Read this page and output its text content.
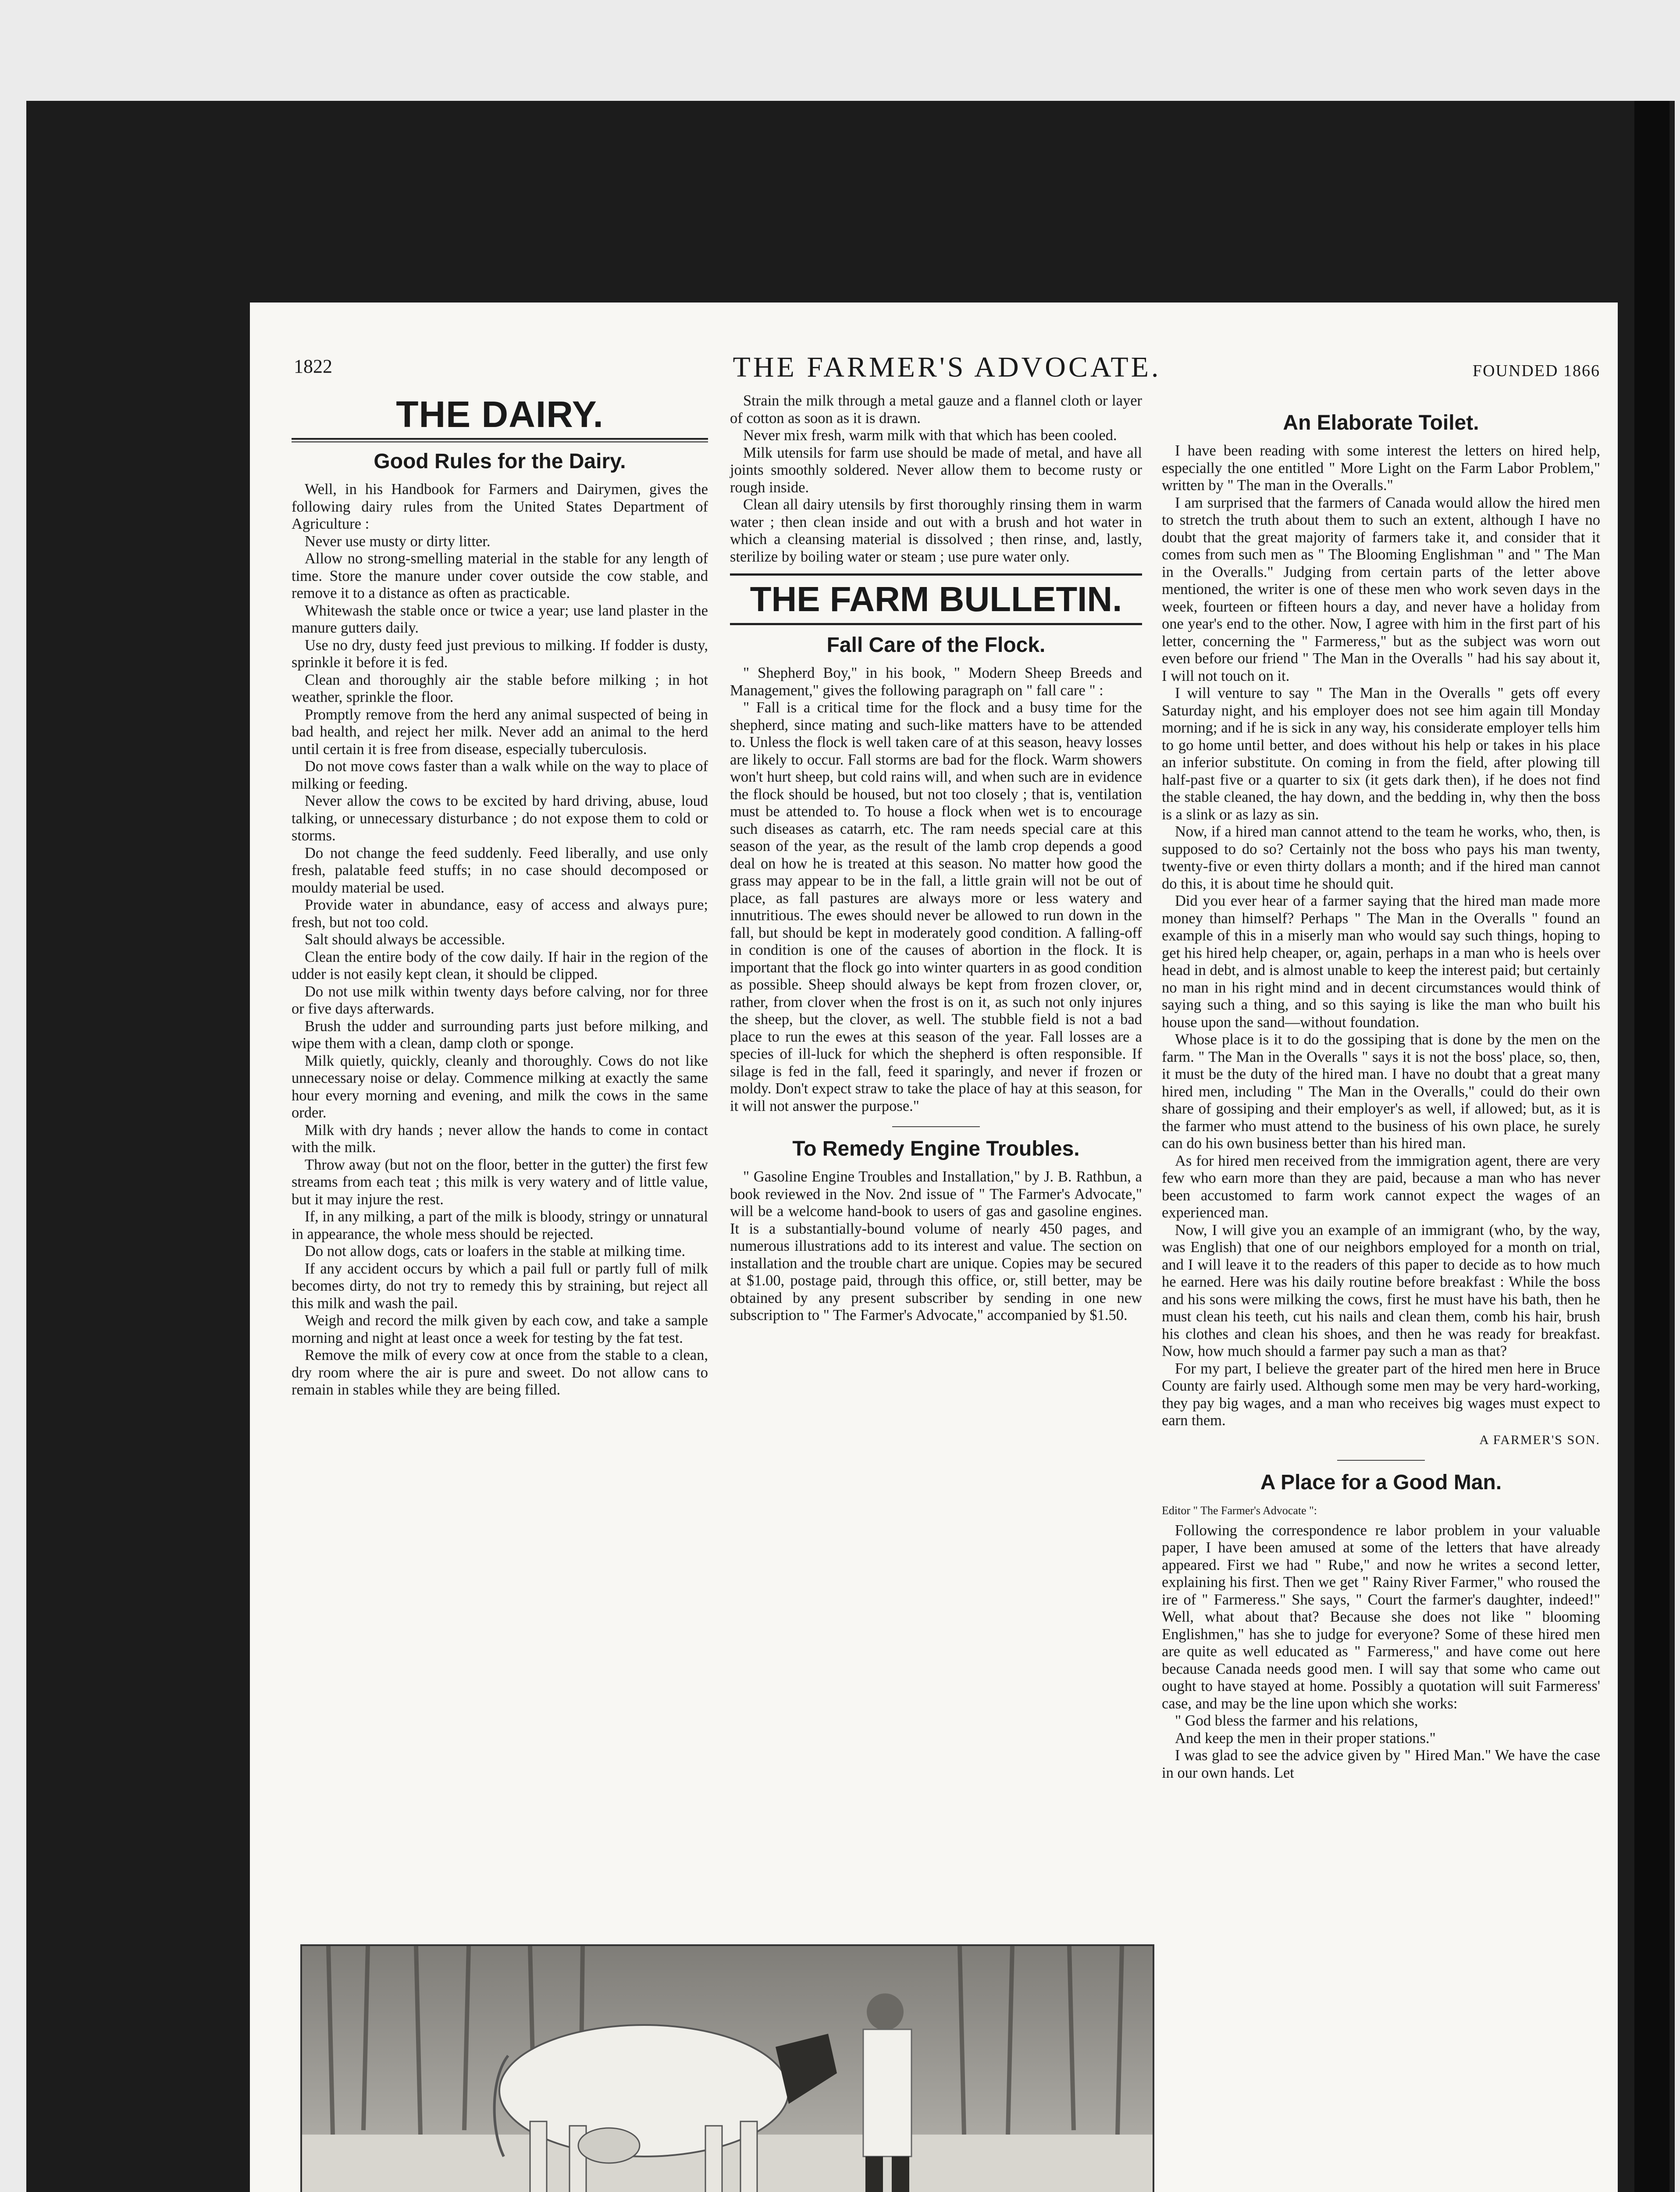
1822	THE FARMER'S ADVOCATE.	FOUNDED 1866
THE DAIRY.
Good Rules for the Dairy.

Well, in his Handbook for Farmers and Dairymen, gives the following dairy rules from the United States Department of Agriculture :

Never use musty or dirty litter.

Allow no strong-smelling material in the stable for any length of time. Store the manure under cover outside the cow stable, and remove it to a distance as often as practicable.

Whitewash the stable once or twice a year; use land plaster in the manure gutters daily.

Use no dry, dusty feed just previous to milking. If fodder is dusty, sprinkle it before it is fed.

Clean and thoroughly air the stable before milking ; in hot weather, sprinkle the floor.

Promptly remove from the herd any animal suspected of being in bad health, and reject her milk. Never add an animal to the herd until certain it is free from disease, especially tuberculosis.

Do not move cows faster than a walk while on the way to place of milking or feeding.

Never allow the cows to be excited by hard driving, abuse, loud talking, or unnecessary disturbance ; do not expose them to cold or storms.

Do not change the feed suddenly. Feed liberally, and use only fresh, palatable feed stuffs; in no case should decomposed or mouldy material be used.

Provide water in abundance, easy of access and always pure; fresh, but not too cold.

Salt should always be accessible.

Clean the entire body of the cow daily. If hair in the region of the udder is not easily kept clean, it should be clipped.

Do not use milk within twenty days before calving, nor for three or five days afterwards.

Brush the udder and surrounding parts just before milking, and wipe them with a clean, damp cloth or sponge.

Milk quietly, quickly, cleanly and thoroughly. Cows do not like unnecessary noise or delay. Commence milking at exactly the same hour every morning and evening, and milk the cows in the same order.

Milk with dry hands ; never allow the hands to come in contact with the milk.

Throw away (but not on the floor, better in the gutter) the first few streams from each teat ; this milk is very watery and of little value, but it may injure the rest.

If, in any milking, a part of the milk is bloody, stringy or unnatural in appearance, the whole mess should be rejected.

Do not allow dogs, cats or loafers in the stable at milking time.

If any accident occurs by which a pail full or partly full of milk becomes dirty, do not try to remedy this by straining, but reject all this milk and wash the pail.

Weigh and record the milk given by each cow, and take a sample morning and night at least once a week for testing by the fat test.

Remove the milk of every cow at once from the stable to a clean, dry room where the air is pure and sweet. Do not allow cans to remain in stables while they are being filled.

Strain the milk through a metal gauze and a flannel cloth or layer of cotton as soon as it is drawn.

Never mix fresh, warm milk with that which has been cooled.

Milk utensils for farm use should be made of metal, and have all joints smoothly soldered. Never allow them to become rusty or rough inside.

Clean all dairy utensils by first thoroughly rinsing them in warm water ; then clean inside and out with a brush and hot water in which a cleansing material is dissolved ; then rinse, and, lastly, sterilize by boiling water or steam ; use pure water only.

THE FARM BULLETIN.
Fall Care of the Flock.

" Shepherd Boy," in his book, " Modern Sheep Breeds and Management," gives the following paragraph on " fall care " :

" Fall is a critical time for the flock and a busy time for the shepherd, since mating and such-like matters have to be attended to. Unless the flock is well taken care of at this season, heavy losses are likely to occur. Fall storms are bad for the flock. Warm showers won't hurt sheep, but cold rains will, and when such are in evidence the flock should be housed, but not too closely ; that is, ventilation must be attended to. To house a flock when wet is to encourage such diseases as catarrh, etc. The ram needs special care at this season of the year, as the result of the lamb crop depends a good deal on how he is treated at this season. No matter how good the grass may appear to be in the fall, a little grain will not be out of place, as fall pastures are always more or less watery and innutritious. The ewes should never be allowed to run down in the fall, but should be kept in moderately good condition. A falling-off in condition is one of the causes of abortion in the flock. It is important that the flock go into winter quarters in as good condition as possible. Sheep should always be kept from frozen clover, or, rather, from clover when the frost is on it, as such not only injures the sheep, but the clover, as well. The stubble field is not a bad place to run the ewes at this season of the year. Fall losses are a species of ill-luck for which the shepherd is often responsible. If silage is fed in the fall, feed it sparingly, and never if frozen or moldy. Don't expect straw to take the place of hay at this season, for it will not answer the purpose."

To Remedy Engine Troubles.

" Gasoline Engine Troubles and Installation," by J. B. Rathbun, a book reviewed in the Nov. 2nd issue of " The Farmer's Advocate," will be a welcome hand-book to users of gas and gasoline engines. It is a substantially-bound volume of nearly 450 pages, and numerous illustrations add to its interest and value. The section on installation and the trouble chart are unique. Copies may be secured at $1.00, postage paid, through this office, or, still better, may be obtained by any present subscriber by sending in one new subscription to " The Farmer's Advocate," accompanied by $1.50.

An Elaborate Toilet.

I have been reading with some interest the letters on hired help, especially the one entitled " More Light on the Farm Labor Problem," written by " The man in the Overalls."

I am surprised that the farmers of Canada would allow the hired men to stretch the truth about them to such an extent, although I have no doubt that the great majority of farmers take it, and consider that it comes from such men as " The Blooming Englishman " and " The Man in the Overalls." Judging from certain parts of the letter above mentioned, the writer is one of these men who work seven days in the week, fourteen or fifteen hours a day, and never have a holiday from one year's end to the other. Now, I agree with him in the first part of his letter, concerning the " Farmeress," but as the subject was worn out even before our friend " The Man in the Overalls " had his say about it, I will not touch on it.

I will venture to say " The Man in the Overalls " gets off every Saturday night, and his employer does not see him again till Monday morning; and if he is sick in any way, his considerate employer tells him to go home until better, and does without his help or takes in his place an inferior substitute. On coming in from the field, after plowing till half-past five or a quarter to six (it gets dark then), if he does not find the stable cleaned, the hay down, and the bedding in, why then the boss is a slink or as lazy as sin.

Now, if a hired man cannot attend to the team he works, who, then, is supposed to do so? Certainly not the boss who pays his man twenty, twenty-five or even thirty dollars a month; and if the hired man cannot do this, it is about time he should quit.

Did you ever hear of a farmer saying that the hired man made more money than himself? Perhaps " The Man in the Overalls " found an example of this in a miserly man who would say such things, hoping to get his hired help cheaper, or, again, perhaps in a man who is heels over head in debt, and is almost unable to keep the interest paid; but certainly no man in his right mind and in decent circumstances would think of saying such a thing, and so this saying is like the man who built his house upon the sand—without foundation.

Whose place is it to do the gossiping that is done by the men on the farm. " The Man in the Overalls " says it is not the boss' place, so, then, it must be the duty of the hired man. I have no doubt that a great many hired men, including " The Man in the Overalls," could do their own share of gossiping and their employer's as well, if allowed; but, as it is the farmer who must attend to the business of his own place, he surely can do his own business better than his hired man.

As for hired men received from the immigration agent, there are very few who earn more than they are paid, because a man who has never been accustomed to farm work cannot expect the wages of an experienced man.

Now, I will give you an example of an immigrant (who, by the way, was English) that one of our neighbors employed for a month on trial, and I will leave it to the readers of this paper to decide as to how much he earned. Here was his daily routine before breakfast : While the boss and his sons were milking the cows, first he must have his bath, then he must clean his teeth, cut his nails and clean them, comb his hair, brush his clothes and clean his shoes, and then he was ready for breakfast. Now, how much should a farmer pay such a man as that?

For my part, I believe the greater part of the hired men here in Bruce County are fairly used. Although some men may be very hard-working, they pay big wages, and a man who receives big wages must expect to earn them.

A FARMER'S SON.

A Place for a Good Man.

Editor " The Farmer's Advocate ":

Following the correspondence re labor problem in your valuable paper, I have been amused at some of the letters that have already appeared. First we had " Rube," and now he writes a second letter, explaining his first. Then we get " Rainy River Farmer," who roused the ire of " Farmeress." She says, " Court the farmer's daughter, indeed!" Well, what about that? Because she does not like " blooming Englishmen," has she to judge for everyone? Some of these hired men are quite as well educated as " Farmeress," and have come out here because Canada needs good men. I will say that some who came out ought to have stayed at home. Possibly a quotation will suit Farmeress' case, and may be the line upon which she works:

" God bless the farmer and his relations,

And keep the men in their proper stations."

I was glad to see the advice given by " Hired Man." We have the case in our own hands. Let
